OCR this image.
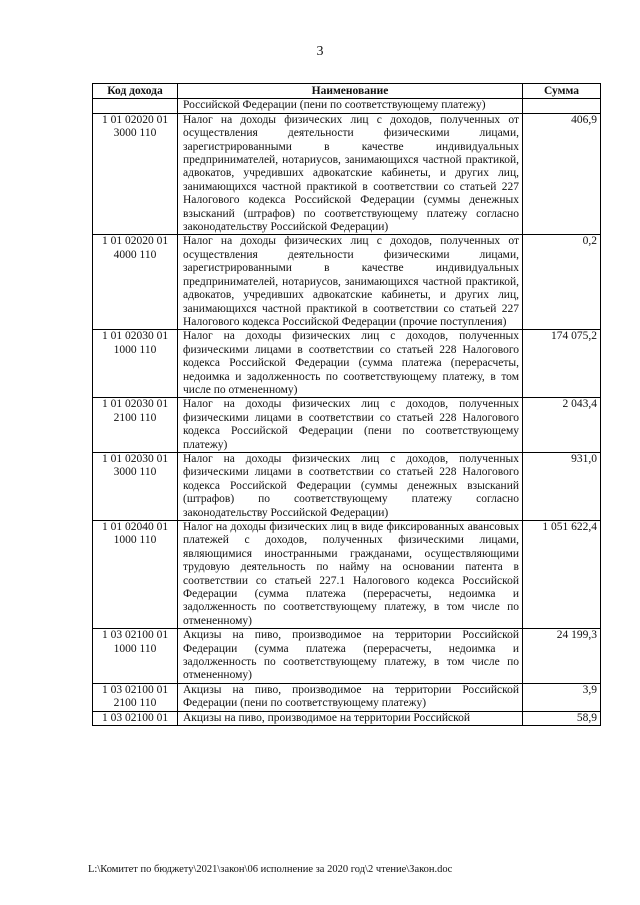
3
Код дохода	Наименование	Сумма
	Российской Федерации (пени по соответствующему платежу)	
1 01 02020 01 3000 110	Налог на доходы физических лиц с доходов, полученных от осуществления деятельности физическими лицами, зарегистрированными в качестве индивидуальных предпринимателей, нотариусов, занимающихся частной практикой, адвокатов, учредивших адвокатские кабинеты, и других лиц, занимающихся частной практикой в соответствии со статьей 227 Налогового кодекса Российской Федерации (суммы денежных взысканий (штрафов) по соответствующему платежу согласно законодательству Российской Федерации)	406,9
1 01 02020 01 4000 110	Налог на доходы физических лиц с доходов, полученных от осуществления деятельности физическими лицами, зарегистрированными в качестве индивидуальных предпринимателей, нотариусов, занимающихся частной практикой, адвокатов, учредивших адвокатские кабинеты, и других лиц, занимающихся частной практикой в соответствии со статьей 227 Налогового кодекса Российской Федерации (прочие поступления)	0,2
1 01 02030 01 1000 110	Налог на доходы физических лиц с доходов, полученных физическими лицами в соответствии со статьей 228 Налогового кодекса Российской Федерации (сумма платежа (перерасчеты, недоимка и задолженность по соответствующему платежу, в том числе по отмененному)	174 075,2
1 01 02030 01 2100 110	Налог на доходы физических лиц с доходов, полученных физическими лицами в соответствии со статьей 228 Налогового кодекса Российской Федерации (пени по соответствующему платежу)	2 043,4
1 01 02030 01 3000 110	Налог на доходы физических лиц с доходов, полученных физическими лицами в соответствии со статьей 228 Налогового кодекса Российской Федерации (суммы денежных взысканий (штрафов) по соответствующему платежу согласно законодательству Российской Федерации)	931,0
1 01 02040 01 1000 110	Налог на доходы физических лиц в виде фиксированных авансовых платежей с доходов, полученных физическими лицами, являющимися иностранными гражданами, осуществляющими трудовую деятельность по найму на основании патента в соответствии со статьей 227.1 Налогового кодекса Российской Федерации (сумма платежа (перерасчеты, недоимка и задолженность по соответствующему платежу, в том числе по отмененному)	1 051 622,4
1 03 02100 01 1000 110	Акцизы на пиво, производимое на территории Российской Федерации (сумма платежа (перерасчеты, недоимка и задолженность по соответствующему платежу, в том числе по отмененному)	24 199,3
1 03 02100 01 2100 110	Акцизы на пиво, производимое на территории Российской Федерации (пени по соответствующему платежу)	3,9
1 03 02100 01	Акцизы на пиво, производимое на территории Российской	58,9
L:\Комитет по бюджету\2021\закон\06 исполнение за 2020 год\2 чтение\Закон.doc
